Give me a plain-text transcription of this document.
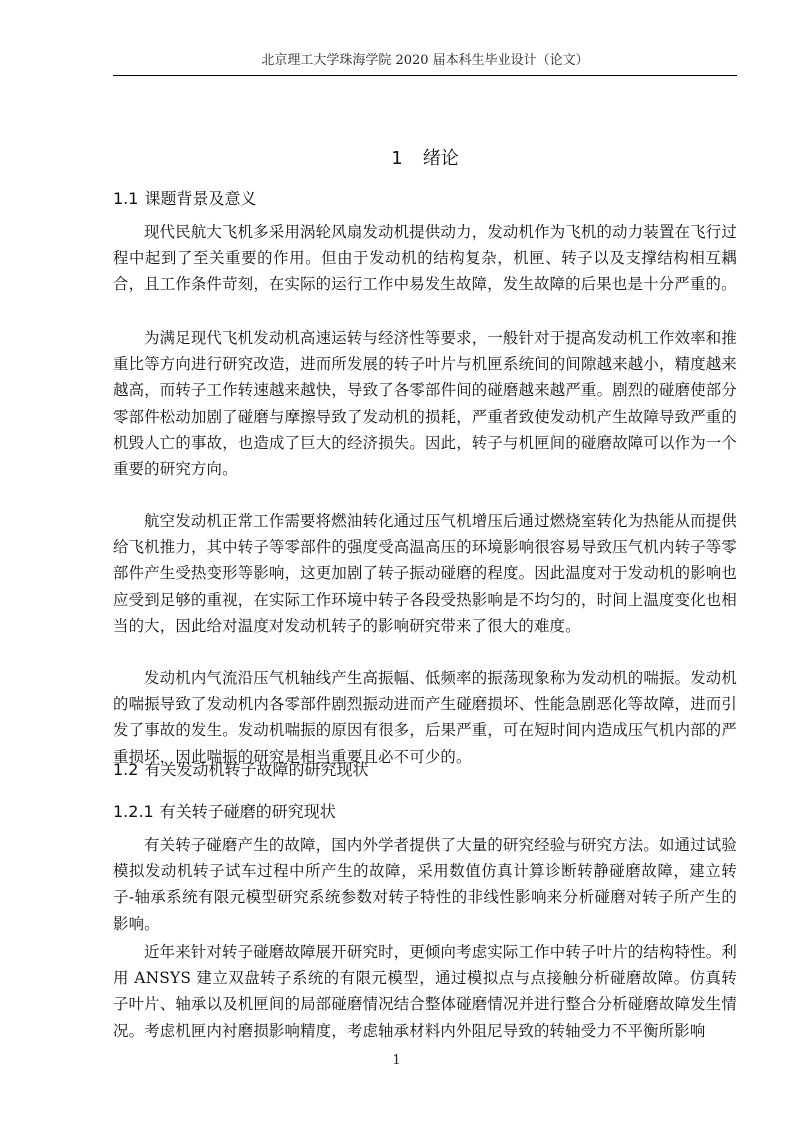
北京理工大学珠海学院 2020 届本科生毕业设计（论文）
1 绪论
1.1 课题背景及意义

现代民航大飞机多采用涡轮风扇发动机提供动力，发动机作为飞机的动力装置在飞行过程中起到了至关重要的作用。但由于发动机的结构复杂，机匣、转子以及支撑结构相互耦合，且工作条件苛刻，在实际的运行工作中易发生故障，发生故障的后果也是十分严重的。

为满足现代飞机发动机高速运转与经济性等要求，一般针对于提高发动机工作效率和推重比等方向进行研究改造，进而所发展的转子叶片与机匣系统间的间隙越来越小，精度越来越高，而转子工作转速越来越快，导致了各零部件间的碰磨越来越严重。剧烈的碰磨使部分零部件松动加剧了碰磨与摩擦导致了发动机的损耗，严重者致使发动机产生故障导致严重的机毁人亡的事故，也造成了巨大的经济损失。因此，转子与机匣间的碰磨故障可以作为一个重要的研究方向。

航空发动机正常工作需要将燃油转化通过压气机增压后通过燃烧室转化为热能从而提供给飞机推力，其中转子等零部件的强度受高温高压的环境影响很容易导致压气机内转子等零部件产生受热变形等影响，这更加剧了转子振动碰磨的程度。因此温度对于发动机的影响也应受到足够的重视，在实际工作环境中转子各段受热影响是不均匀的，时间上温度变化也相当的大，因此给对温度对发动机转子的影响研究带来了很大的难度。

发动机内气流沿压气机轴线产生高振幅、低频率的振荡现象称为发动机的喘振。发动机的喘振导致了发动机内各零部件剧烈振动进而产生碰磨损坏、性能急剧恶化等故障，进而引发了事故的发生。发动机喘振的原因有很多，后果严重，可在短时间内造成压气机内部的严重损坏，因此喘振的研究是相当重要且必不可少的。

1.2 有关发动机转子故障的研究现状
1.2.1 有关转子碰磨的研究现状

有关转子碰磨产生的故障，国内外学者提供了大量的研究经验与研究方法。如通过试验模拟发动机转子试车过程中所产生的故障，采用数值仿真计算诊断转静碰磨故障，建立转子-轴承系统有限元模型研究系统参数对转子特性的非线性影响来分析碰磨对转子所产生的影响。

近年来针对转子碰磨故障展开研究时，更倾向考虑实际工作中转子叶片的结构特性。利用 ANSYS 建立双盘转子系统的有限元模型，通过模拟点与点接触分析碰磨故障。仿真转子叶片、轴承以及机匣间的局部碰磨情况结合整体碰磨情况并进行整合分析碰磨故障发生情况。考虑机匣内衬磨损影响精度，考虑轴承材料内外阻尼导致的转轴受力不平衡所影响

1
